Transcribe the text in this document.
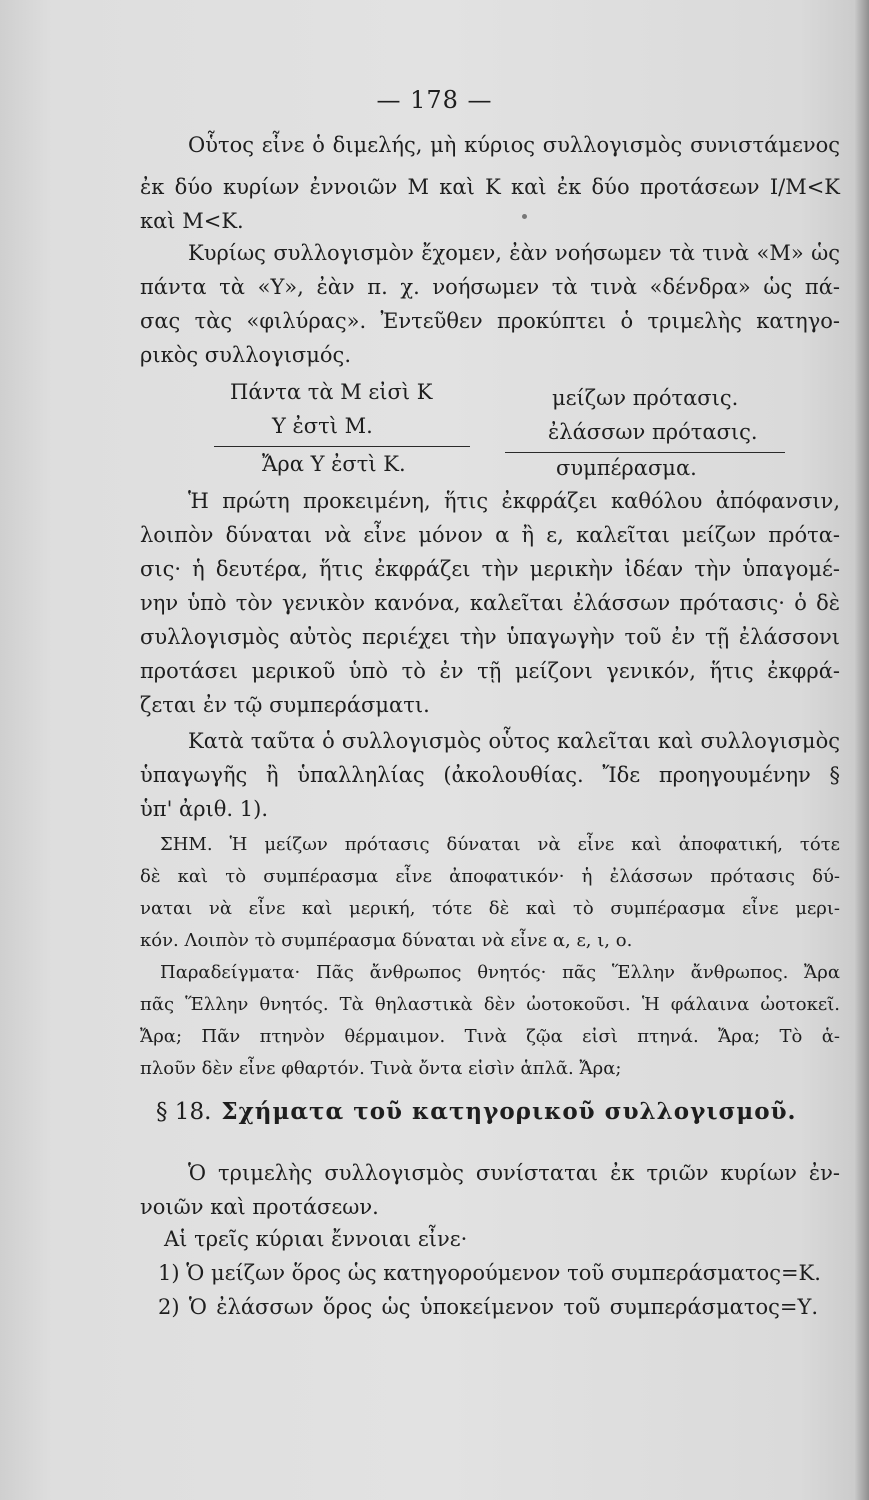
— 178 —
Οὗτος εἶνε ὁ διμελής, μὴ κύριος συλλογισμὸς συνιστάμενος
ἐκ δύο κυρίων ἐννοιῶν Μ καὶ Κ καὶ ἐκ δύο προτάσεων Ι/Μ<Κ
καὶ Μ<Κ.
Κυρίως συλλογισμὸν ἔχομεν, ἐὰν νοήσωμεν τὰ τινὰ «Μ» ὡς
πάντα τὰ «Υ», ἐὰν π. χ. νοήσωμεν τὰ τινὰ «δένδρα» ὡς πά-
σας τὰς «φιλύρας». Ἐντεῦθεν προκύπτει ὁ τριμελὴς κατηγο-
ρικὸς συλλογισμός.
Πάντα τὰ Μ εἰσὶ Κ
Υ ἐστὶ Μ.
Ἄρα Υ ἐστὶ Κ.
μείζων πρότασις.
ἐλάσσων πρότασις.
συμπέρασμα.
Ἡ πρώτη προκειμένη, ἥτις ἐκφράζει καθόλου ἀπόφανσιν,
λοιπὸν δύναται νὰ εἶνε μόνον α ἢ ε, καλεῖται μείζων πρότα-
σις· ἡ δευτέρα, ἥτις ἐκφράζει τὴν μερικὴν ἰδέαν τὴν ὑπαγομέ-
νην ὑπὸ τὸν γενικὸν κανόνα, καλεῖται ἐλάσσων πρότασις· ὁ δὲ
συλλογισμὸς αὐτὸς περιέχει τὴν ὑπαγωγὴν τοῦ ἐν τῇ ἐλάσσονι
προτάσει μερικοῦ ὑπὸ τὸ ἐν τῇ μείζονι γενικόν, ἥτις ἐκφρά-
ζεται ἐν τῷ συμπεράσματι.
Κατὰ ταῦτα ὁ συλλογισμὸς οὗτος καλεῖται καὶ συλλογισμὸς
ὑπαγωγῆς ἢ ὑπαλληλίας (ἀκολουθίας. Ἴδε προηγουμένην §
ὑπ' ἀριθ. 1).
ΣΗΜ. Ἡ μείζων πρότασις δύναται νὰ εἶνε καὶ ἀποφατική, τότε
δὲ καὶ τὸ συμπέρασμα εἶνε ἀποφατικόν· ἡ ἐλάσσων πρότασις δύ-
ναται νὰ εἶνε καὶ μερική, τότε δὲ καὶ τὸ συμπέρασμα εἶνε μερι-
κόν. Λοιπὸν τὸ συμπέρασμα δύναται νὰ εἶνε α, ε, ι, ο.
Παραδείγματα· Πᾶς ἄνθρωπος θνητός· πᾶς Ἕλλην ἄνθρωπος. Ἄρα
πᾶς Ἕλλην θνητός. Τὰ θηλαστικὰ δὲν ὠοτοκοῦσι. Ἡ φάλαινα ὠοτοκεῖ.
Ἄρα; Πᾶν πτηνὸν θέρμαιμον. Τινὰ ζῷα εἰσὶ πτηνά. Ἄρα; Τὸ ἁ-
πλοῦν δὲν εἶνε φθαρτόν. Τινὰ ὄντα εἰσὶν ἁπλᾶ. Ἄρα;
§ 18. Σχήματα τοῦ κατηγορικοῦ συλλογισμοῦ.
Ὁ τριμελὴς συλλογισμὸς συνίσταται ἐκ τριῶν κυρίων ἐν-
νοιῶν καὶ προτάσεων.
Αἱ τρεῖς κύριαι ἔννοιαι εἶνε·
1) Ὁ μείζων ὅρος ὡς κατηγορούμενον τοῦ συμπεράσματος=Κ.
2) Ὁ ἐλάσσων ὅρος ὡς ὑποκείμενον τοῦ συμπεράσματος=Υ.
